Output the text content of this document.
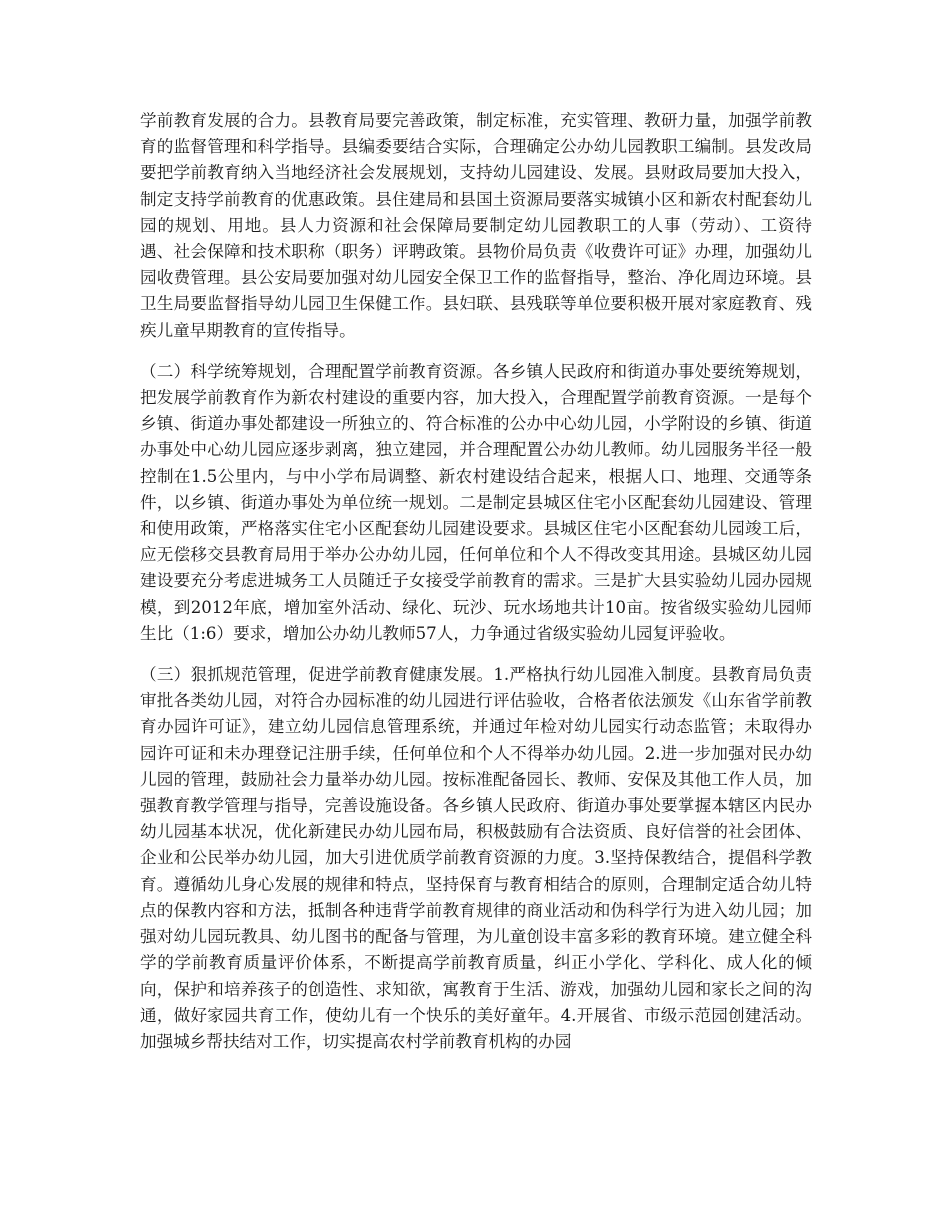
学前教育发展的合力。县教育局要完善政策，制定标准，充实管理、教研力量，加强学前教育的监督管理和科学指导。县编委要结合实际，合理确定公办幼儿园教职工编制。县发改局要把学前教育纳入当地经济社会发展规划，支持幼儿园建设、发展。县财政局要加大投入，制定支持学前教育的优惠政策。县住建局和县国土资源局要落实城镇小区和新农村配套幼儿园的规划、用地。县人力资源和社会保障局要制定幼儿园教职工的人事（劳动）、工资待遇、社会保障和技术职称（职务）评聘政策。县物价局负责《收费许可证》办理，加强幼儿园收费管理。县公安局要加强对幼儿园安全保卫工作的监督指导，整治、净化周边环境。县卫生局要监督指导幼儿园卫生保健工作。县妇联、县残联等单位要积极开展对家庭教育、残疾儿童早期教育的宣传指导。

（二）科学统筹规划，合理配置学前教育资源。各乡镇人民政府和街道办事处要统筹规划，把发展学前教育作为新农村建设的重要内容，加大投入，合理配置学前教育资源。一是每个乡镇、街道办事处都建设一所独立的、符合标准的公办中心幼儿园，小学附设的乡镇、街道办事处中心幼儿园应逐步剥离，独立建园，并合理配置公办幼儿教师。幼儿园服务半径一般控制在1.5公里内，与中小学布局调整、新农村建设结合起来，根据人口、地理、交通等条件，以乡镇、街道办事处为单位统一规划。二是制定县城区住宅小区配套幼儿园建设、管理和使用政策，严格落实住宅小区配套幼儿园建设要求。县城区住宅小区配套幼儿园竣工后，应无偿移交县教育局用于举办公办幼儿园，任何单位和个人不得改变其用途。县城区幼儿园建设要充分考虑进城务工人员随迁子女接受学前教育的需求。三是扩大县实验幼儿园办园规模，到2012年底，增加室外活动、绿化、玩沙、玩水场地共计10亩。按省级实验幼儿园师生比（1:6）要求，增加公办幼儿教师57人，力争通过省级实验幼儿园复评验收。

（三）狠抓规范管理，促进学前教育健康发展。1.严格执行幼儿园准入制度。县教育局负责审批各类幼儿园，对符合办园标准的幼儿园进行评估验收，合格者依法颁发《山东省学前教育办园许可证》，建立幼儿园信息管理系统，并通过年检对幼儿园实行动态监管；未取得办园许可证和未办理登记注册手续，任何单位和个人不得举办幼儿园。2.进一步加强对民办幼儿园的管理，鼓励社会力量举办幼儿园。按标准配备园长、教师、安保及其他工作人员，加强教育教学管理与指导，完善设施设备。各乡镇人民政府、街道办事处要掌握本辖区内民办幼儿园基本状况，优化新建民办幼儿园布局，积极鼓励有合法资质、良好信誉的社会团体、企业和公民举办幼儿园，加大引进优质学前教育资源的力度。3.坚持保教结合，提倡科学教育。遵循幼儿身心发展的规律和特点，坚持保育与教育相结合的原则，合理制定适合幼儿特点的保教内容和方法，抵制各种违背学前教育规律的商业活动和伪科学行为进入幼儿园；加强对幼儿园玩教具、幼儿图书的配备与管理，为儿童创设丰富多彩的教育环境。建立健全科学的学前教育质量评价体系，不断提高学前教育质量，纠正小学化、学科化、成人化的倾向，保护和培养孩子的创造性、求知欲，寓教育于生活、游戏，加强幼儿园和家长之间的沟通，做好家园共育工作，使幼儿有一个快乐的美好童年。4.开展省、市级示范园创建活动。加强城乡帮扶结对工作，切实提高农村学前教育机构的办园
